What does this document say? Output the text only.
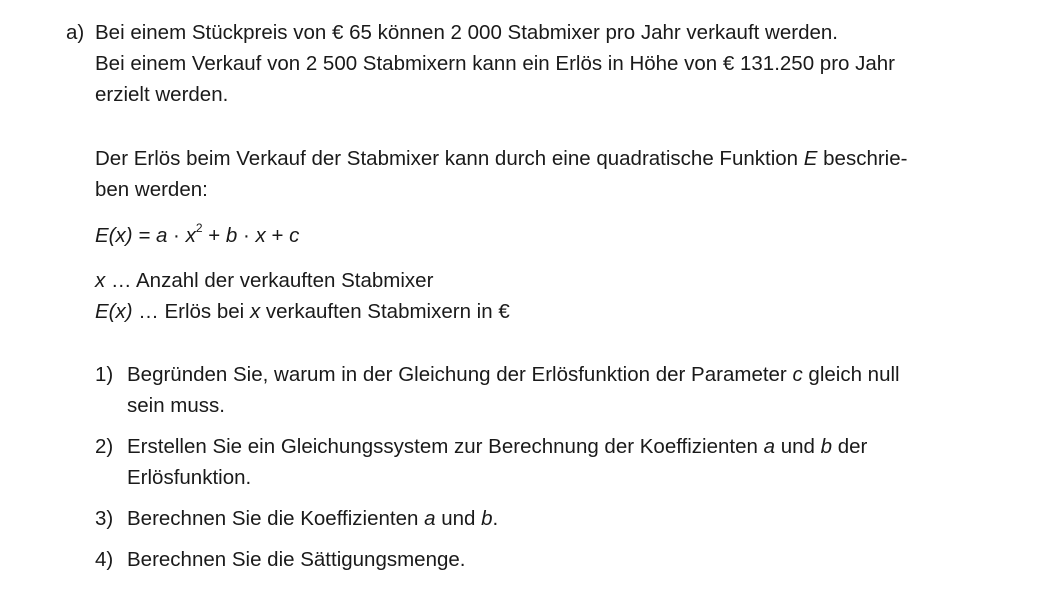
a) Bei einem Stückpreis von € 65 können 2 000 Stabmixer pro Jahr verkauft werden.
Bei einem Verkauf von 2 500 Stabmixern kann ein Erlös in Höhe von € 131.250 pro Jahr
erzielt werden.
Der Erlös beim Verkauf der Stabmixer kann durch eine quadratische Funktion E beschrie-
ben werden:
$E(x) = a \cdot x^2 + b \cdot x + c$
x … Anzahl der verkauften Stabmixer
E(x) … Erlös bei x verkauften Stabmixern in €
1) Begründen Sie, warum in der Gleichung der Erlösfunktion der Parameter c gleich null
sein muss.
2) Erstellen Sie ein Gleichungssystem zur Berechnung der Koeffizienten a und b der
Erlösfunktion.
3) Berechnen Sie die Koeffizienten a und b.
4) Berechnen Sie die Sättigungsmenge.
